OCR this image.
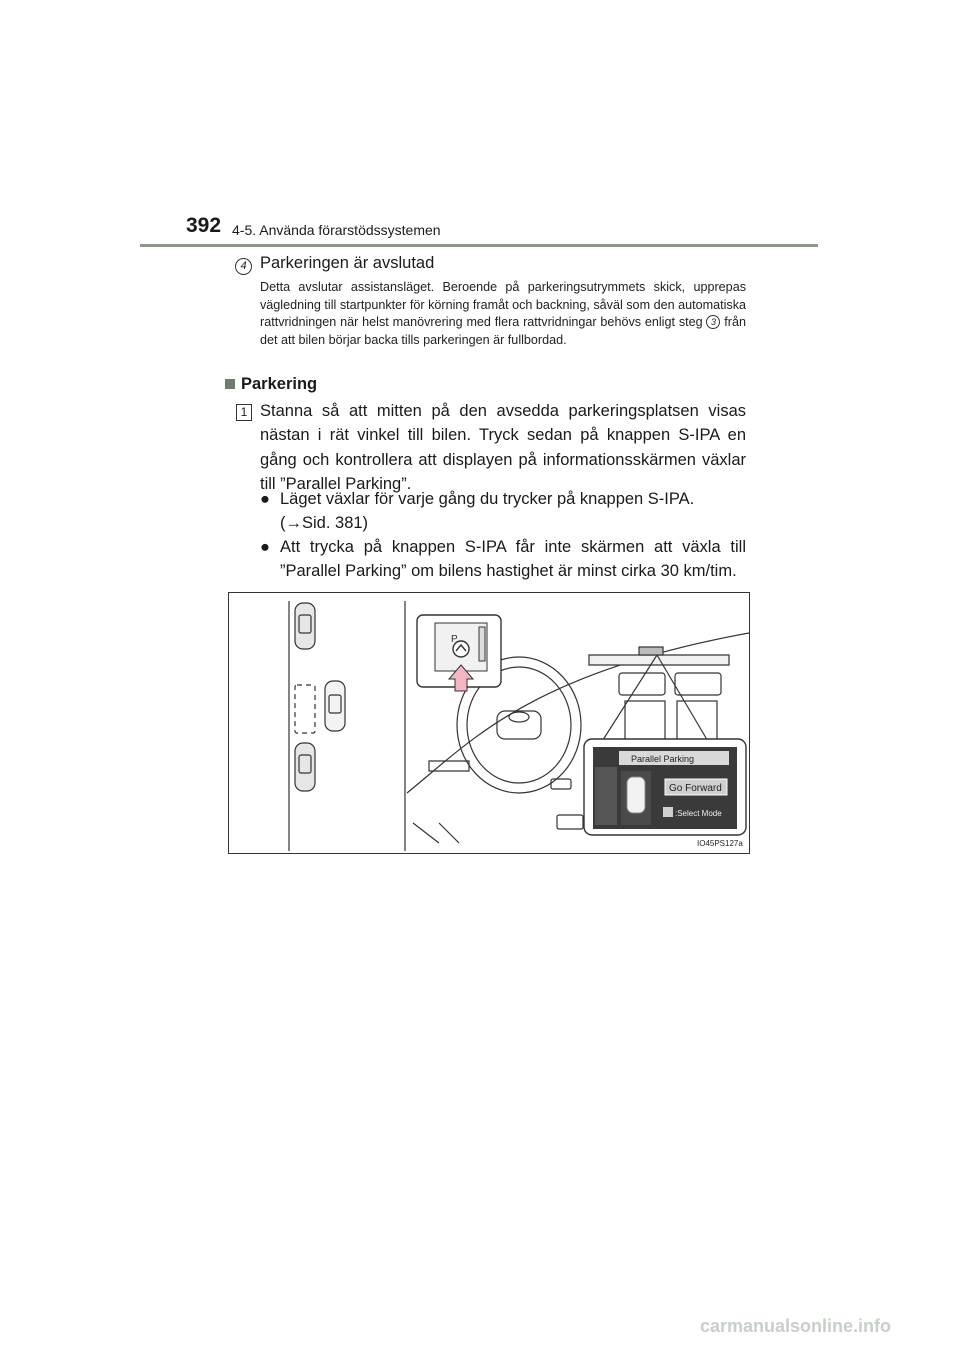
392 4-5. Använda förarstödssystemen
4 Parkeringen är avslutad
Detta avslutar assistansläget. Beroende på parkeringsutrymmets skick, upprepas vägledning till startpunkter för körning framåt och backning, såväl som den automatiska rattvridningen när helst manövrering med flera rattvridningar behövs enligt steg 3 från det att bilen börjar backa tills parkeringen är fullbordad.
Parkering
1 Stanna så att mitten på den avsedda parkeringsplatsen visas nästan i rät vinkel till bilen. Tryck sedan på knappen S-IPA en gång och kontrollera att displayen på informationsskärmen växlar till ”Parallel Parking”.
● Läget växlar för varje gång du trycker på knappen S-IPA.
(→Sid. 381)
● Att trycka på knappen S-IPA får inte skärmen att växla till ”Parallel Parking” om bilens hastighet är minst cirka 30 km/tim.
P
Parallel Parking
Go Forward
:Select Mode
IO45PS127a
carmanualsonline.info
